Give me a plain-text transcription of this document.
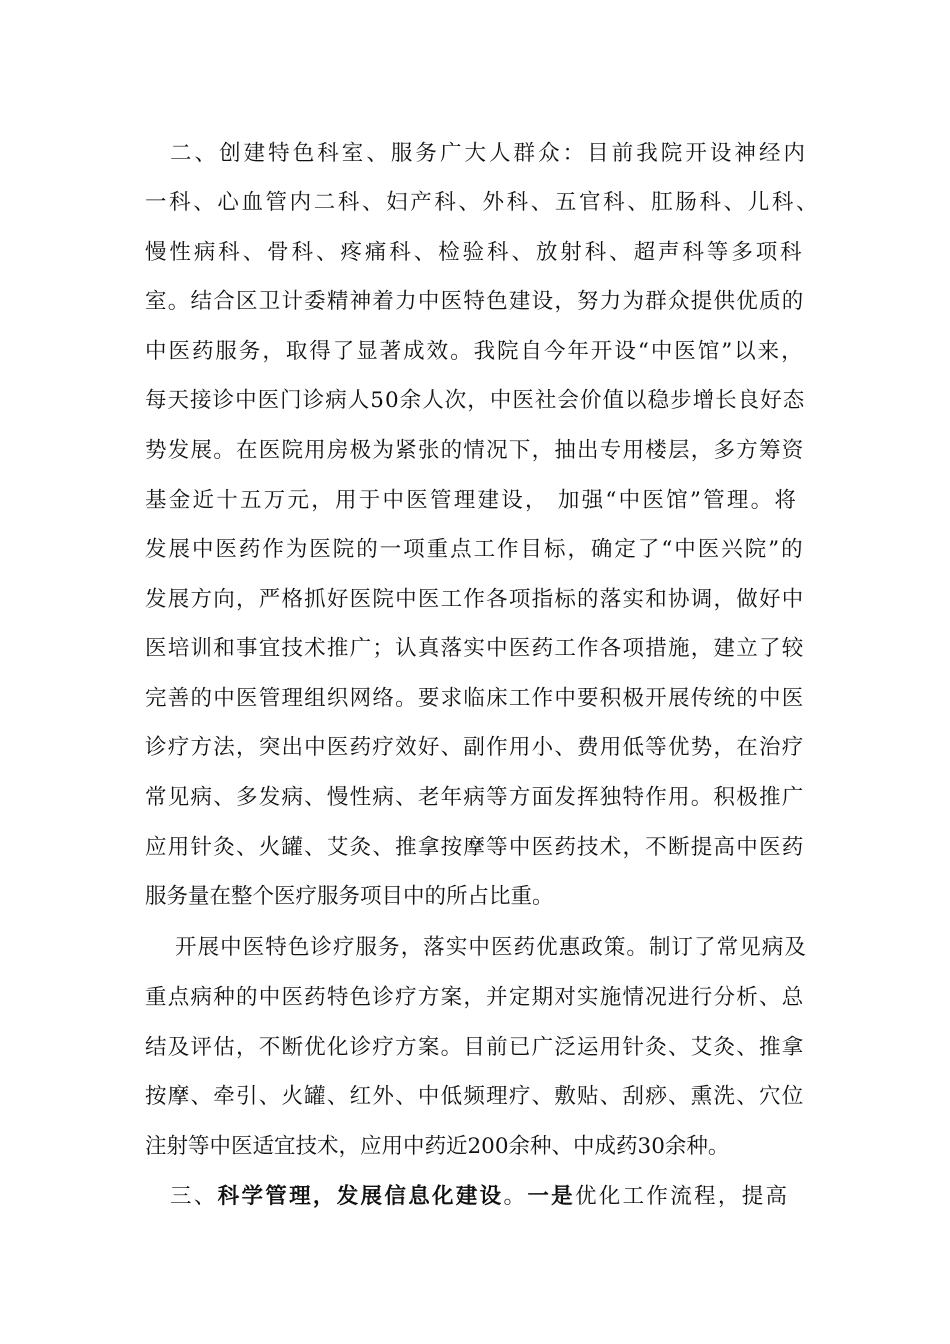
二、创建特色科室、服务广大人群众：目前我院开设神经内
一科、心血管内二科、妇产科、外科、五官科、肛肠科、儿科、
慢性病科、骨科、疼痛科、检验科、放射科、超声科等多项科
室。结合区卫计委精神着力中医特色建设，努力为群众提供优质的
中医药服务，取得了显著成效。我院自今年开设“中医馆”以来，
每天接诊中医门诊病人50余人次，中医社会价值以稳步增长良好态
势发展。在医院用房极为紧张的情况下，抽出专用楼层，多方筹资
基金近十五万元，用于中医管理建设， 加强“中医馆”管理。将
发展中医药作为医院的一项重点工作目标，确定了“中医兴院”的
发展方向，严格抓好医院中医工作各项指标的落实和协调，做好中
医培训和事宜技术推广；认真落实中医药工作各项措施，建立了较
完善的中医管理组织网络。要求临床工作中要积极开展传统的中医
诊疗方法，突出中医药疗效好、副作用小、费用低等优势，在治疗
常见病、多发病、慢性病、老年病等方面发挥独特作用。积极推广
应用针灸、火罐、艾灸、推拿按摩等中医药技术，不断提高中医药
服务量在整个医疗服务项目中的所占比重。
开展中医特色诊疗服务，落实中医药优惠政策。制订了常见病及
重点病种的中医药特色诊疗方案，并定期对实施情况进行分析、总
结及评估，不断优化诊疗方案。目前已广泛运用针灸、艾灸、推拿
按摩、牵引、火罐、红外、中低频理疗、敷贴、刮痧、熏洗、穴位
注射等中医适宜技术，应用中药近200余种、中成药30余种。
三、科学管理，发展信息化建设。一是优化工作流程，提高
